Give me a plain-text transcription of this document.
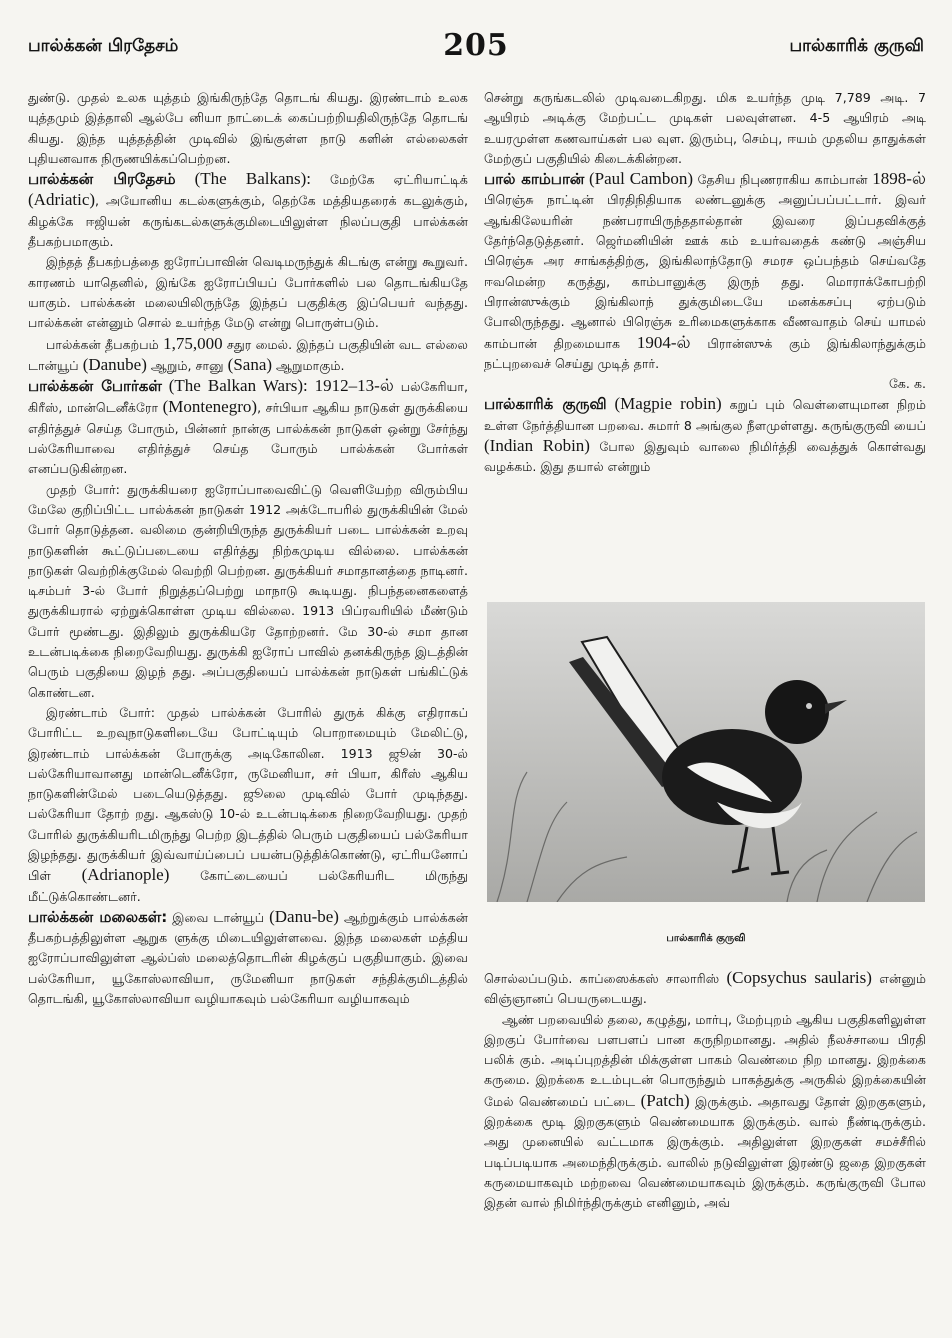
பால்க்கன் பிரதேசம்	205	பால்காரிக் குருவி

துண்டு. முதல் உலக யுத்தம் இங்கிருந்தே தொடங் கியது. இரண்டாம் உலக யுத்தமும் இத்தாலி ஆல்பே னியா நாட்டைக் கைப்பற்றியதிலிருந்தே தொடங் கியது. இந்த யுத்தத்தின் முடிவில் இங்குள்ள நாடு களின் எல்லைகள் புதியனவாக நிருணயிக்கப்பெற்றன.

பால்க்கன் பிரதேசம் (The Balkans): மேற்கே ஏட்ரியாட்டிக் (Adriatic), அயோனிய கடல்களுக்கும், தெற்கே மத்தியதரைக் கடலுக்கும், கிழக்கே ஈஜியன் கருங்கடல்களுக்குமிடையிலுள்ள நிலப்பகுதி பால்க்கன் தீபகற்பமாகும்.

இந்தத் தீபகற்பத்தை ஐரோப்பாவின் வெடிமருந்துக் கிடங்கு என்று கூறுவர். காரணம் யாதெனில், இங்கே ஐரோப்பியப் போர்களில் பல தொடங்கியதே யாகும். பால்க்கன் மலையிலிருந்தே இந்தப் பகுதிக்கு இப்பெயர் வந்தது. பால்க்கன் என்னும் சொல் உயர்ந்த மேடு என்று பொருள்படும்.

பால்க்கன் தீபகற்பம் 1,75,000 சதுர மைல். இந்தப் பகுதியின் வட எல்லை டான்யூப் (Danube) ஆறும், சானு (Sana) ஆறுமாகும்.

பால்க்கன் போர்கள் (The Balkan Wars): 1912–13-ல் பல்கேரியா, கிரீஸ், மான்டெனீக்ரோ (Montenegro), சர்பியா ஆகிய நாடுகள் துருக்கியை எதிர்த்துச் செய்த போரும், பின்னர் நான்கு பால்க்கன் நாடுகள் ஒன்று சேர்ந்து பல்கேரியாவை எதிர்த்துச் செய்த போரும் பால்க்கன் போர்கள் எனப்படுகின்றன.

முதற் போர்: துருக்கியரை ஐரோப்பாவைவிட்டு வெளியேற்ற விரும்பிய மேலே குறிப்பிட்ட பால்க்கன் நாடுகள் 1912 அக்டோபரில் துருக்கியின் மேல் போர் தொடுத்தன. வலிமை குன்றியிருந்த துருக்கியர் படை பால்க்கன் உறவு நாடுகளின் கூட்டுப்படையை எதிர்த்து நிற்கமுடிய வில்லை. பால்க்கன் நாடுகள் வெற்றிக்குமேல் வெற்றி பெற்றன. துருக்கியர் சமாதானத்தை நாடினர். டிசம்பர் 3-ல் போர் நிறுத்தப்பெற்று மாநாடு கூடியது. நிபந்தனைகளைத் துருக்கியரால் ஏற்றுக்கொள்ள முடிய வில்லை. 1913 பிப்ரவரியில் மீண்டும் போர் மூண்டது. இதிலும் துருக்கியரே தோற்றனர். மே 30-ல் சமா தான உடன்படிக்கை நிறைவேறியது. துருக்கி ஐரோப் பாவில் தனக்கிருந்த இடத்தின் பெரும் பகுதியை இழந் தது. அப்பகுதியைப் பால்க்கன் நாடுகள் பங்கிட்டுக் கொண்டன.

இரண்டாம் போர்: முதல் பால்க்கன் போரில் துருக் கிக்கு எதிராகப் போரிட்ட உறவுநாடுகளிடையே போட்டியும் பொறாமையும் மேலிட்டு, இரண்டாம் பால்க்கன் போருக்கு அடிகோலின. 1913 ஜூன் 30-ல் பல்கேரியாவானது மான்டெனீக்ரோ, ருமேனியா, சர் பியா, கிரீஸ் ஆகிய நாடுகளின்மேல் படையெடுத்தது. ஜூலை முடிவில் போர் முடிந்தது. பல்கேரியா தோற் றது. ஆகஸ்டு 10-ல் உடன்படிக்கை நிறைவேறியது. முதற் போரில் துருக்கியரிடமிருந்து பெற்ற இடத்தில் பெரும் பகுதியைப் பல்கேரியா இழந்தது. துருக்கியர் இவ்வாய்ப்பைப் பயன்படுத்திக்கொண்டு, ஏட்ரியனோப் பிள் (Adrianople) கோட்டையைப் பல்கேரியரிட மிருந்து மீட்டுக்கொண்டனர்.

பால்க்கன் மலைகள்: இவை டான்யூப் (Danu-be) ஆற்றுக்கும் பால்க்கன் தீபகற்பத்திலுள்ள ஆறுக ளுக்கு மிடையிலுள்ளவை. இந்த மலைகள் மத்திய ஐரோப்பாவிலுள்ள ஆல்ப்ஸ் மலைத்தொடரின் கிழக்குப் பகுதியாகும். இவை பல்கேரியா, யூகோஸ்லாவியா, ருமேனியா நாடுகள் சந்திக்குமிடத்தில் தொடங்கி, யூகோஸ்லாவியா வழியாகவும் பல்கேரியா வழியாகவும்

சென்று கருங்கடலில் முடிவடைகிறது. மிக உயர்ந்த முடி 7,789 அடி. 7 ஆயிரம் அடிக்கு மேற்பட்ட முடிகள் பலவுள்ளன. 4-5 ஆயிரம் அடி உயரமுள்ள கணவாய்கள் பல வுள. இரும்பு, செம்பு, ஈயம் முதலிய தாதுக்கள் மேற்குப் பகுதியில் கிடைக்கின்றன.

பால் காம்பான் (Paul Cambon) தேசிய நிபுணராகிய காம்பான் 1898-ல் பிரெஞ்சு நாட்டின் பிரதிநிதியாக லண்டனுக்கு அனுப்பப்பட்டார். இவர் ஆங்கிலேயரின் நண்பராயிருந்ததால்தான் இவரை இப்பதவிக்குத் தேர்ந்தெடுத்தனர். ஜெர்மனியின் ஊக் கம் உயர்வதைக் கண்டு அஞ்சிய பிரெஞ்சு அர சாங்கத்திற்கு, இங்கிலாந்தோடு சமரச ஒப்பந்தம் செய்வதே ஈவமென்ற கருத்து, காம்பானுக்கு இருந் தது. மொராக்கோபற்றி பிரான்ஸுக்கும் இங்கிலாந் துக்குமிடையே மனக்கசப்பு ஏற்படும் போலிருந்தது. ஆனால் பிரெஞ்சு உரிமைகளுக்காக வீணவாதம் செய் யாமல் காம்பான் திறமையாக 1904-ல் பிரான்ஸுக் கும் இங்கிலாந்துக்கும் நட்புறவைச் செய்து முடித் தார்.

கே. க.

பால்காரிக் குருவி (Magpie robin) கறுப் பும் வெள்ளையுமான நிறம் உள்ள நேர்த்தியான பறவை. சுமார் 8 அங்குல நீளமுள்ளது. கருங்குருவி யைப் (Indian Robin) போல இதுவும் வாலை நிமிர்த்தி வைத்துக் கொள்வது வழக்கம். இது தயால் என்றும்

பால்காரிக் குருவி

சொல்லப்படும். காப்ஸைக்கஸ் சாலாரிஸ் (Copsychus saularis) என்னும் விஞ்ஞானப் பெயருடையது.

ஆண் பறவையில் தலை, கழுத்து, மார்பு, மேற்புறம் ஆகிய பகுதிகளிலுள்ள இறகுப் போர்வை பளபளப் பான கருநிறமானது. அதில் நீலச்சாயை பிரதி பலிக் கும். அடிப்புறத்தின் மிக்குள்ள பாகம் வெண்மை நிற மானது. இறக்கை கருமை. இறக்கை உடம்புடன் பொருந்தும் பாகத்துக்கு அருகில் இறக்கையின் மேல் வெண்மைப் பட்டை (Patch) இருக்கும். அதாவது தோள் இறகுகளும், இறக்கை மூடி இறகுகளும் வெண்மையாக இருக்கும். வால் நீண்டிருக்கும். அது முனையில் வட்டமாக இருக்கும். அதிலுள்ள இறகுகள் சமச்சீரில் படிப்படியாக அமைந்திருக்கும். வாலில் நடுவிலுள்ள இரண்டு ஜதை இறகுகள் கருமையாகவும் மற்றவை வெண்மையாகவும் இருக்கும். கருங்குருவி போல இதன் வால் நிமிர்ந்திருக்கும் எனினும், அவ்
